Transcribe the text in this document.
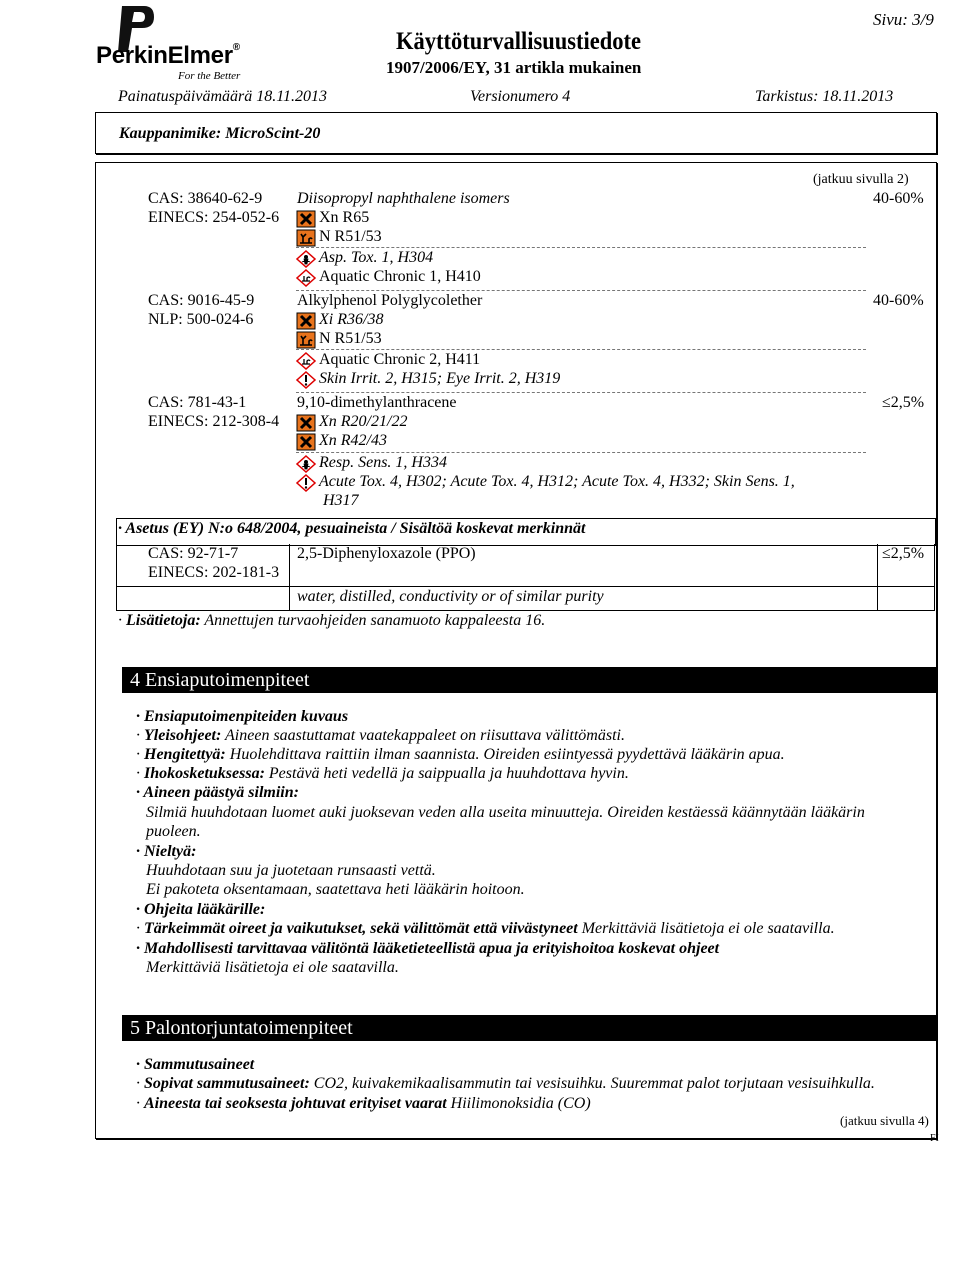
PerkinElmer®
For the Better
Käyttöturvallisuustiedote
1907/2006/EY, 31 artikla mukainen
Sivu: 3/9
Painatuspäivämäärä 18.11.2013	Versionumero 4	Tarkistus: 18.11.2013
Kauppanimike: MicroScint-20
(jatkuu sivulla 2)
CAS: 38640-62-9
EINECS: 254-052-6
Diisopropyl naphthalene isomers	40-60%
Xn R65
N R51/53
Asp. Tox. 1, H304
Aquatic Chronic 1, H410
CAS: 9016-45-9
NLP: 500-024-6
Alkylphenol Polyglycolether	40-60%
Xi R36/38
N R51/53
Aquatic Chronic 2, H411
Skin Irrit. 2, H315; Eye Irrit. 2, H319
CAS: 781-43-1
EINECS: 212-308-4
9,10-dimethylanthracene	≤2,5%
Xn R20/21/22
Xn R42/43
Resp. Sens. 1, H334
Acute Tox. 4, H302; Acute Tox. 4, H312; Acute Tox. 4, H332; Skin Sens. 1,
H317
· Asetus (EY) N:o 648/2004, pesuaineista / Sisältöä koskevat merkinnät
CAS: 92-71-7
EINECS: 202-181-3
2,5-Diphenyloxazole (PPO)	≤2,5%
water, distilled, conductivity or of similar purity
· Lisätietoja: Annettujen turvaohjeiden sanamuoto kappaleesta 16.
4 Ensiaputoimenpiteet
· Ensiaputoimenpiteiden kuvaus
· Yleisohjeet: Aineen saastuttamat vaatekappaleet on riisuttava välittömästi.
· Hengitettyä: Huolehdittava raittiin ilman saannista. Oireiden esiintyessä pyydettävä lääkärin apua.
· Ihokosketuksessa: Pestävä heti vedellä ja saippualla ja huuhdottava hyvin.
· Aineen päästyä silmiin:
Silmiä huuhdotaan luomet auki juoksevan veden alla useita minuutteja. Oireiden kestäessä käännytään lääkärin
puoleen.
· Nieltyä:
Huuhdotaan suu ja juotetaan runsaasti vettä.
Ei pakoteta oksentamaan, saatettava heti lääkärin hoitoon.
· Ohjeita lääkärille:
· Tärkeimmät oireet ja vaikutukset, sekä välittömät että viivästyneet Merkittäviä lisätietoja ei ole saatavilla.
· Mahdollisesti tarvittavaa välitöntä lääketieteellistä apua ja erityishoitoa koskevat ohjeet
Merkittäviä lisätietoja ei ole saatavilla.
5 Palontorjuntatoimenpiteet
· Sammutusaineet
· Sopivat sammutusaineet: CO2, kuivakemikaalisammutin tai vesisuihku. Suuremmat palot torjutaan vesisuihkulla.
· Aineesta tai seoksesta johtuvat erityiset vaarat Hiilimonoksidia (CO)
(jatkuu sivulla 4)
FI
